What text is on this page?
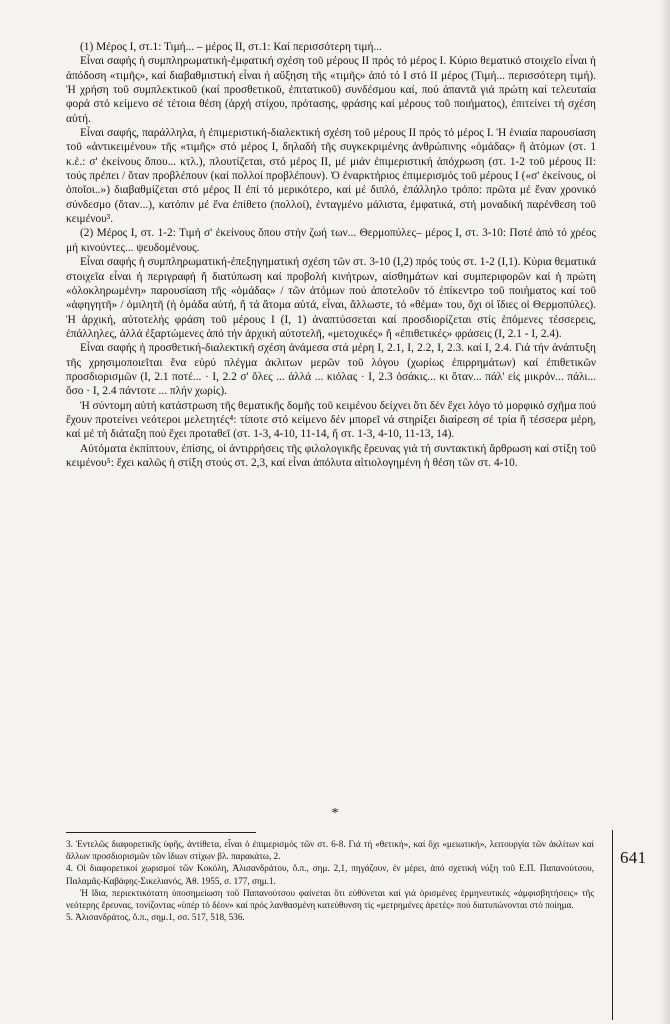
(1) Μέρος Ι, στ.1: Τιμή... – μέρος ΙΙ, στ.1: Καί περισσότερη τιμή...

Εἶναι σαφής ἡ συμπληρωματική-ἐμφατική σχέση τοῦ μέρους ΙΙ πρός τό μέρος Ι. Κύριο θεματικό στοιχεῖο εἶναι ἡ ἀπόδοση «τιμῆς», καί διαβαθμιστική εἶναι ἡ αὔξηση τῆς «τιμῆς» ἀπό τό Ι στό ΙΙ μέρος (Τιμή... περισσότερη τιμή). Ἡ χρήση τοῦ συμπλεκτικοῦ (καί προσθετικοῦ, ἐπιτατικοῦ) συνδέσμου καί, πού ἀπαντᾶ γιά πρώτη καί τελευταία φορά στό κείμενο σέ τέτοια θέση (ἀρχή στίχου, πρότασης, φράσης καί μέρους τοῦ ποιήματος), ἐπιτείνει τή σχέση αὐτή.

Εἶναι σαφής, παράλληλα, ἡ ἐπιμεριστική-διαλεκτική σχέση τοῦ μέρους ΙΙ πρός τό μέρος Ι. Ἡ ἑνιαία παρουσίαση τοῦ «ἀντικειμένου» τῆς «τιμῆς» στό μέρος Ι, δηλαδή τῆς συγκεκριμένης ἀνθρώπινης «ὁμάδας» ἤ ἀτόμων (στ. 1 κ.ἑ.: σ' ἐκείνους ὅπου... κτλ.), πλουτίζεται, στό μέρος ΙΙ, μέ μιάν ἐπιμεριστική ἀπόχρωση (στ. 1-2 τοῦ μέρους ΙΙ: τούς πρέπει / ὅταν προβλέπουν (καί πολλοί προβλέπουν). Ὁ ἐναρκτήριος ἐπιμερισμός τοῦ μέρους Ι («σ' ἐκείνους, οἱ ὁποῖοι..») διαβαθμίζεται στό μέρος ΙΙ ἐπί τό μερικότερο, καί μέ διπλό, ἐπάλληλο τρόπο: πρῶτα μέ ἕναν χρονικό σύνδεσμο (ὅταν...), κατόπιν μέ ἕνα ἐπίθετο (πολλοί), ἐνταγμένο μάλιστα, ἐμφατικά, στή μοναδική παρένθεση τοῦ κειμένου³.

(2) Μέρος Ι, στ. 1-2: Τιμή σ' ἐκείνους ὅπου στήν ζωή των... Θερμοπύλες– μέρος Ι, στ. 3-10: Ποτέ ἀπό τό χρέος μή κινούντες... ψευδομένους.

Εἶναι σαφής ἡ συμπληρωματική-ἐπεξηγηματική σχέση τῶν στ. 3-10 (Ι,2) πρός τούς στ. 1-2 (Ι,1). Κύρια θεματικά στοιχεῖα εἶναι ἡ περιγραφή ἤ διατύπωση καί προβολή κινήτρων, αἰσθημάτων καί συμπεριφορῶν καί ἡ πρώτη «ὁλοκληρωμένη» παρουσίαση τῆς «ὁμάδας» / τῶν ἀτόμων πού ἀποτελοῦν τό ἐπίκεντρο τοῦ ποιήματος καί τοῦ «ἀφηγητῆ» / ὁμιλητῆ (ἡ ὁμάδα αὐτή, ἤ τά ἄτομα αὐτά, εἶναι, ἄλλωστε, τό «θέμα» του, ὄχι οἱ ἴδιες οἱ Θερμοπύλες). Ἡ ἀρχική, αὐτοτελής φράση τοῦ μέρους Ι (Ι, 1) ἀναπτύσσεται καί προσδιορίζεται στίς ἑπόμενες τέσσερεις, ἐπάλληλες, ἀλλά ἐξαρτώμενες ἀπό τήν ἀρχική αὐτοτελῆ, «μετοχικές» ἤ «ἐπιθετικές» φράσεις (Ι, 2.1 - Ι, 2.4).

Εἶναι σαφής ἡ προσθετική-διαλεκτική σχέση ἀνάμεσα στά μέρη Ι, 2.1, Ι, 2.2, Ι, 2.3. καί Ι, 2.4. Γιά τήν ἀνάπτυξη τῆς χρησιμοποιεῖται ἕνα εὐρύ πλέγμα ἀκλιτων μερῶν τοῦ λόγου (χωρίως ἐπιρρημάτων) καί ἐπιθετικῶν προσδιορισμῶν (Ι, 2.1 ποτέ... · Ι, 2.2 σ' ὅλες ... ἀλλά ... κιόλας · Ι, 2.3 ὁσάκις... κι ὅταν... πάλ' εἰς μικρόν... πάλι... ὅσο · Ι, 2.4 πάντοτε ... πλήν χωρίς).

Ἡ σύντομη αὐτή κατάστρωση τῆς θεματικῆς δομῆς τοῦ κειμένου δείχνει ὅτι δέν ἔχει λόγο τό μορφικό σχῆμα πού ἔχουν προτείνει νεότεροι μελετητές⁴: τίποτε στό κείμενο δέν μπορεῖ νά στηρίξει διαίρεση σέ τρία ἤ τέσσερα μέρη, καί μέ τή διάταξη πού ἔχει προταθεῖ (στ. 1-3, 4-10, 11-14, ἤ στ. 1-3, 4-10, 11-13, 14).

Αὐτόματα ἐκπίπτουν, ἐπίσης, οἱ ἀντιρρήσεις τῆς φιλολογικῆς ἔρευνας γιά τή συντακτική ἄρθρωση καί στίξη τοῦ κειμένου⁵: ἔχει καλῶς ἡ στίξη στούς στ. 2,3, καί εἶναι ἀπόλυτα αἰτιολογημένη ἡ θέση τῶν στ. 4-10.

*

3. Ἐντελῶς διαφορετικῆς ὑφῆς, ἀντίθετα, εἶναι ὁ ἐπιμερισμός τῶν στ. 6-8. Γιά τή «θετική», καί ὄχι «μειωτική», λειτουργία τῶν ἀκλίτων καί ἄλλων προσδιορισμῶν τῶν ἴδιων στίχων βλ. παρακάτω, 2.

4. Οἱ διαφορετικοί χωρισμοί τῶν Κοκόλη, Ἀλισανδράτου, ὅ.π., σημ. 2,1, πηγάζουν, ἐν μέρει, ἀπό σχετική νύξη τοῦ Ε.Π. Παπανούτσου, Παλαμᾶς-Καβάφης-Σικελιανός, Ἀθ. 1955, σ. 177, σημ.1.

Ἡ ἴδια, περιεκτικότατη ὑποσημείωση τοῦ Παπανούτσου φαίνεται ὅτι εὐθύνεται καί γιά ὁρισμένες ἑρμηνευτικές «ἀμφισβητήσεις» τῆς νεότερης ἔρευνας, τονίζοντας «ὑπέρ τό δέον» καί πρός λανθασμένη κατεύθυνση τίς «μετρημένες ἀρετές» πού διατυπώνονται στό ποίημα.

5. Ἀλισανδράτος, ὅ.π., σημ.1, σσ. 517, 518, 536.

641
